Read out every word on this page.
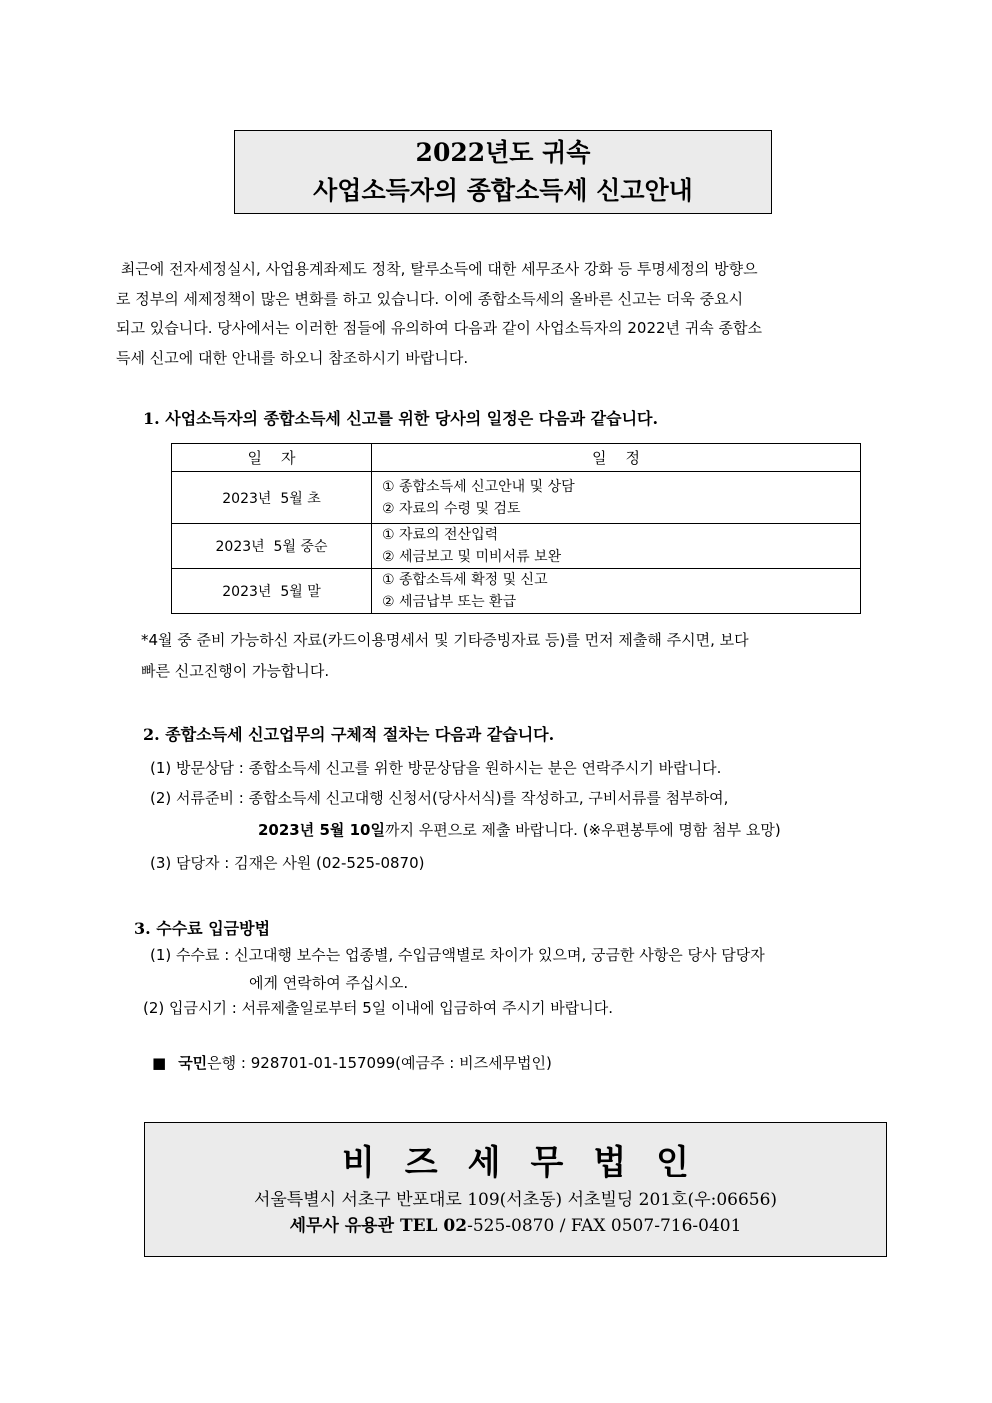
2022년도 귀속
사업소득자의 종합소득세 신고안내
최근에 전자세정실시, 사업용계좌제도 정착, 탈루소득에 대한 세무조사 강화 등 투명세정의 방향으
로 정부의 세제정책이 많은 변화를 하고 있습니다. 이에 종합소득세의 올바른 신고는 더욱 중요시
되고 있습니다. 당사에서는 이러한 점들에 유의하여 다음과 같이 사업소득자의 2022년 귀속 종합소
득세 신고에 대한 안내를 하오니 참조하시기 바랍니다.
1. 사업소득자의 종합소득세 신고를 위한 당사의 일정은 다음과 같습니다.
일    자	일    정
2023년  5월 초	① 종합소득세 신고안내 및 상담
② 자료의 수령 및 검토

2023년  5월 중순	① 자료의 전산입력
② 세금보고 및 미비서류 보완

2023년  5월 말	① 종합소득세 확정 및 신고
② 세금납부 또는 환급
*4월 중 준비 가능하신 자료(카드이용명세서 및 기타증빙자료 등)를 먼저 제출해 주시면, 보다
빠른 신고진행이 가능합니다.
2. 종합소득세 신고업무의 구체적 절차는 다음과 같습니다.
(1) 방문상담 : 종합소득세 신고를 위한 방문상담을 원하시는 분은 연락주시기 바랍니다.
(2) 서류준비 : 종합소득세 신고대행 신청서(당사서식)를 작성하고, 구비서류를 첨부하여,
2023년 5월 10일까지 우편으로 제출 바랍니다. (※우편봉투에 명함 첨부 요망)
(3) 담당자 : 김재은 사원 (02-525-0870)
3. 수수료 입금방법
(1) 수수료 : 신고대행 보수는 업종별, 수입금액별로 차이가 있으며, 궁금한 사항은 당사 담당자
에게 연락하여 주십시오.
(2) 입금시기 : 서류제출일로부터 5일 이내에 입금하여 주시기 바랍니다.
■ 국민은행 : 928701-01-157099(예금주 : 비즈세무법인)
비즈세무법인
서울특별시 서초구 반포대로 109(서초동) 서초빌딩 201호(우:06656)
세무사 유용관 TEL 02-525-0870 / FAX 0507-716-0401
